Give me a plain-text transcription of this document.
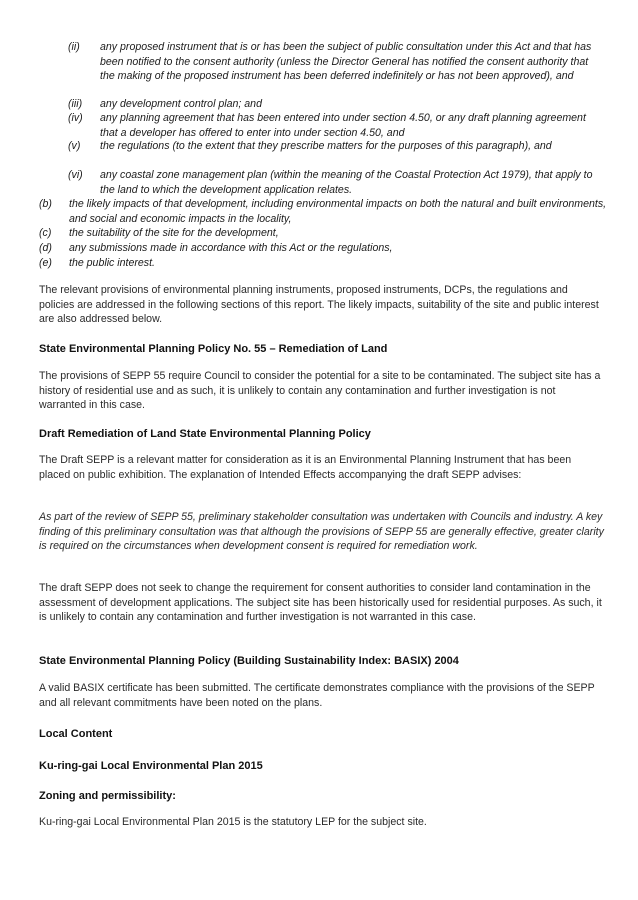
(ii)	any proposed instrument that is or has been the subject of public consultation under this Act and that has been notified to the consent authority (unless the Director General has notified the consent authority that the making of the proposed instrument has been deferred indefinitely or has not been approved), and
(iii)	any development control plan; and
(iv)	any planning agreement that has been entered into under section 4.50, or any draft planning agreement that a developer has offered to enter into under section 4.50, and
(v)	the regulations (to the extent that they prescribe matters for the purposes of this paragraph), and
(vi)	any coastal zone management plan (within the meaning of the Coastal Protection Act 1979), that apply to the land to which the development application relates.
(b)	the likely impacts of that development, including environmental impacts on both the natural and built environments, and social and economic impacts in the locality,
(c)	the suitability of the site for the development,
(d)	any submissions made in accordance with this Act or the regulations,
(e)	the public interest.

The relevant provisions of environmental planning instruments, proposed instruments, DCPs, the regulations and policies are addressed in the following sections of this report. The likely impacts, suitability of the site and public interest are also addressed below.

State Environmental Planning Policy No. 55 – Remediation of Land

The provisions of SEPP 55 require Council to consider the potential for a site to be contaminated. The subject site has a history of residential use and as such, it is unlikely to contain any contamination and further investigation is not warranted in this case.

Draft Remediation of Land State Environmental Planning Policy

The Draft SEPP is a relevant matter for consideration as it is an Environmental Planning Instrument that has been placed on public exhibition. The explanation of Intended Effects accompanying the draft SEPP advises:

As part of the review of SEPP 55, preliminary stakeholder consultation was undertaken with Councils and industry. A key finding of this preliminary consultation was that although the provisions of SEPP 55 are generally effective, greater clarity is required on the circumstances when development consent is required for remediation work.

The draft SEPP does not seek to change the requirement for consent authorities to consider land contamination in the assessment of development applications. The subject site has been historically used for residential purposes. As such, it is unlikely to contain any contamination and further investigation is not warranted in this case.

State Environmental Planning Policy (Building Sustainability Index: BASIX) 2004

A valid BASIX certificate has been submitted. The certificate demonstrates compliance with the provisions of the SEPP and all relevant commitments have been noted on the plans.

Local Content

Ku-ring-gai Local Environmental Plan 2015

Zoning and permissibility:

Ku-ring-gai Local Environmental Plan 2015 is the statutory LEP for the subject site.
